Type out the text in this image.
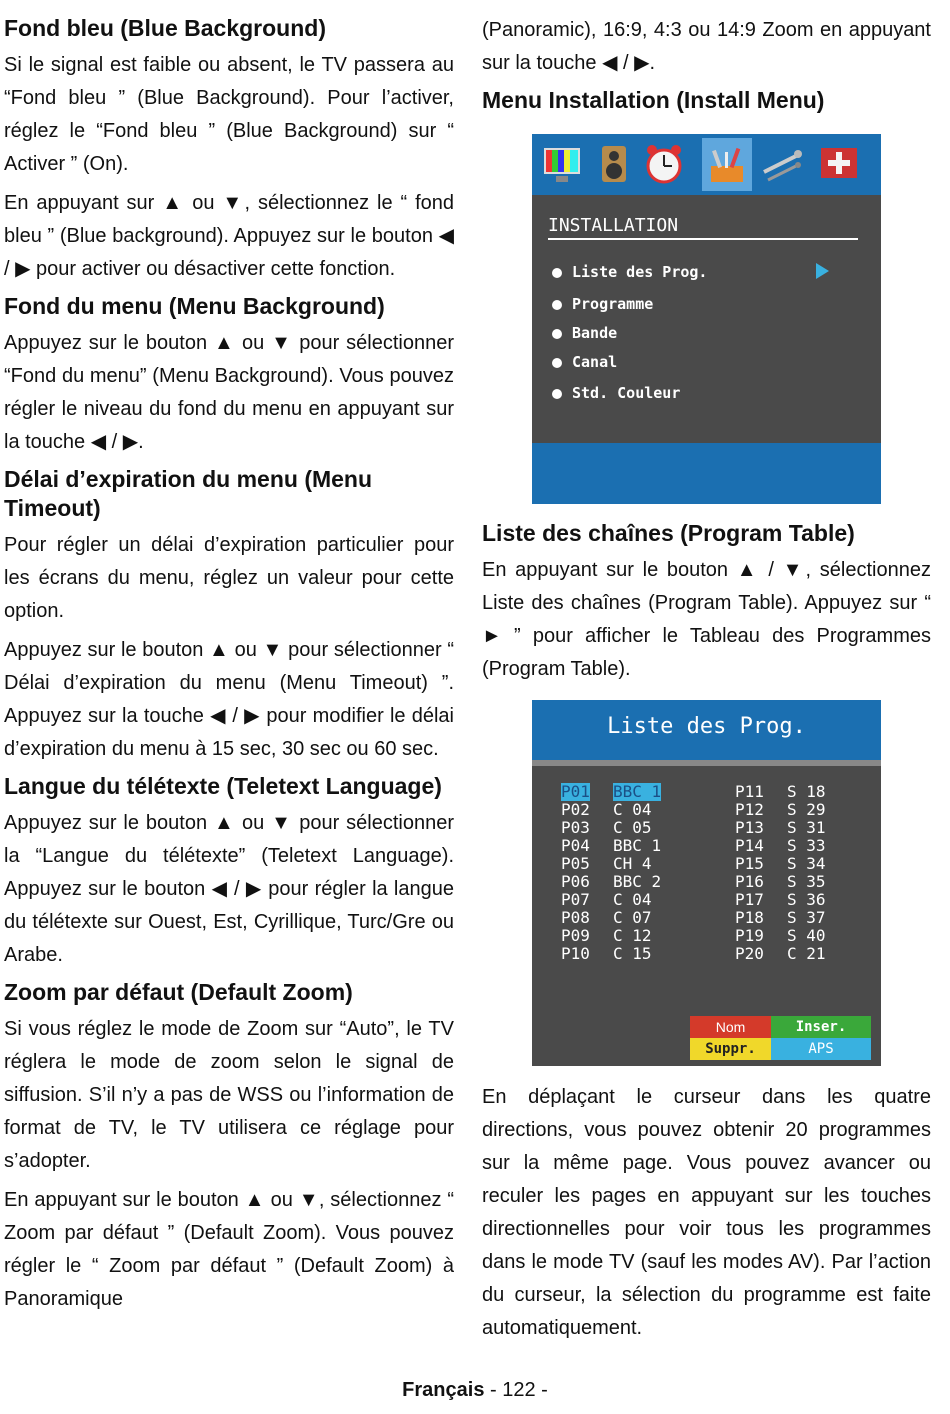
Fond bleu (Blue Background)

Si le signal est faible ou absent, le TV passera au “Fond bleu ” (Blue Background). Pour l’activer, réglez le “Fond bleu ” (Blue Background) sur “ Activer ” (On).

En appuyant sur ▲ ou ▼, sélectionnez le “ fond bleu ” (Blue background). Appuyez sur le bouton ◀ / ▶ pour activer ou désactiver cette fonction.

Fond du menu (Menu Background)

Appuyez sur le bouton ▲ ou ▼ pour sélectionner “Fond du menu” (Menu Background). Vous pouvez régler le niveau du fond du menu en appuyant sur la touche ◀ / ▶.

Délai d’expiration du menu (Menu Timeout)

Pour régler un délai d’expiration particulier pour les écrans du menu, réglez un valeur pour cette option.

Appuyez sur le bouton ▲ ou ▼ pour sélectionner “ Délai d’expiration du menu (Menu Timeout) ”. Appuyez sur la touche ◀ / ▶ pour modifier le délai d’expiration du menu à 15 sec, 30 sec ou 60 sec.

Langue du télétexte (Teletext Language)

Appuyez sur le bouton ▲ ou ▼ pour sélectionner la “Langue du télétexte” (Teletext Language). Appuyez sur le bouton ◀ / ▶ pour régler la langue du télétexte sur Ouest, Est, Cyrillique, Turc/Gre ou Arabe.

Zoom par défaut (Default Zoom)

Si vous réglez le mode de Zoom sur “Auto”, le TV réglera le mode de zoom selon le signal de siffusion. S’il n’y a pas de WSS ou l’information de format de TV, le TV utilisera ce réglage pour s’adopter.

En appuyant sur le bouton ▲ ou ▼, sélectionnez “ Zoom par défaut ” (Default Zoom). Vous pouvez régler le “ Zoom par défaut ” (Default Zoom) à Panoramique

(Panoramic), 16:9, 4:3 ou 14:9 Zoom en appuyant sur la touche ◀ / ▶.

Menu Installation (Install Menu)
INSTALLATION
Liste des Prog.
Programme
Bande
Canal
Std. Couleur
Liste des chaînes (Program Table)

En appuyant sur le bouton ▲ / ▼, sélectionnez Liste des chaînes (Program Table). Appuyez sur “ ► ” pour afficher le Tableau des Programmes (Program Table).

Liste des Prog.
P01 BBC 1
P02 C 04
P03 C 05
P04 BBC 1
P05 CH 4
P06 BBC 2
P07 C 04
P08 C 07
P09 C 12
P10 C 15
P11 S 18
P12 S 29
P13 S 31
P14 S 33
P15 S 34
P16 S 35
P17 S 36
P18 S 37
P19 S 40
P20 C 21
Nom	Inser.
Suppr.	APS

En déplaçant le curseur dans les quatre directions, vous pouvez obtenir 20 programmes sur la même page. Vous pouvez avancer ou reculer les pages en appuyant sur les touches directionnelles pour voir tous les programmes dans le mode TV (sauf les modes AV). Par l’action du curseur, la sélection du programme est faite automatiquement.

Français - 122 -
